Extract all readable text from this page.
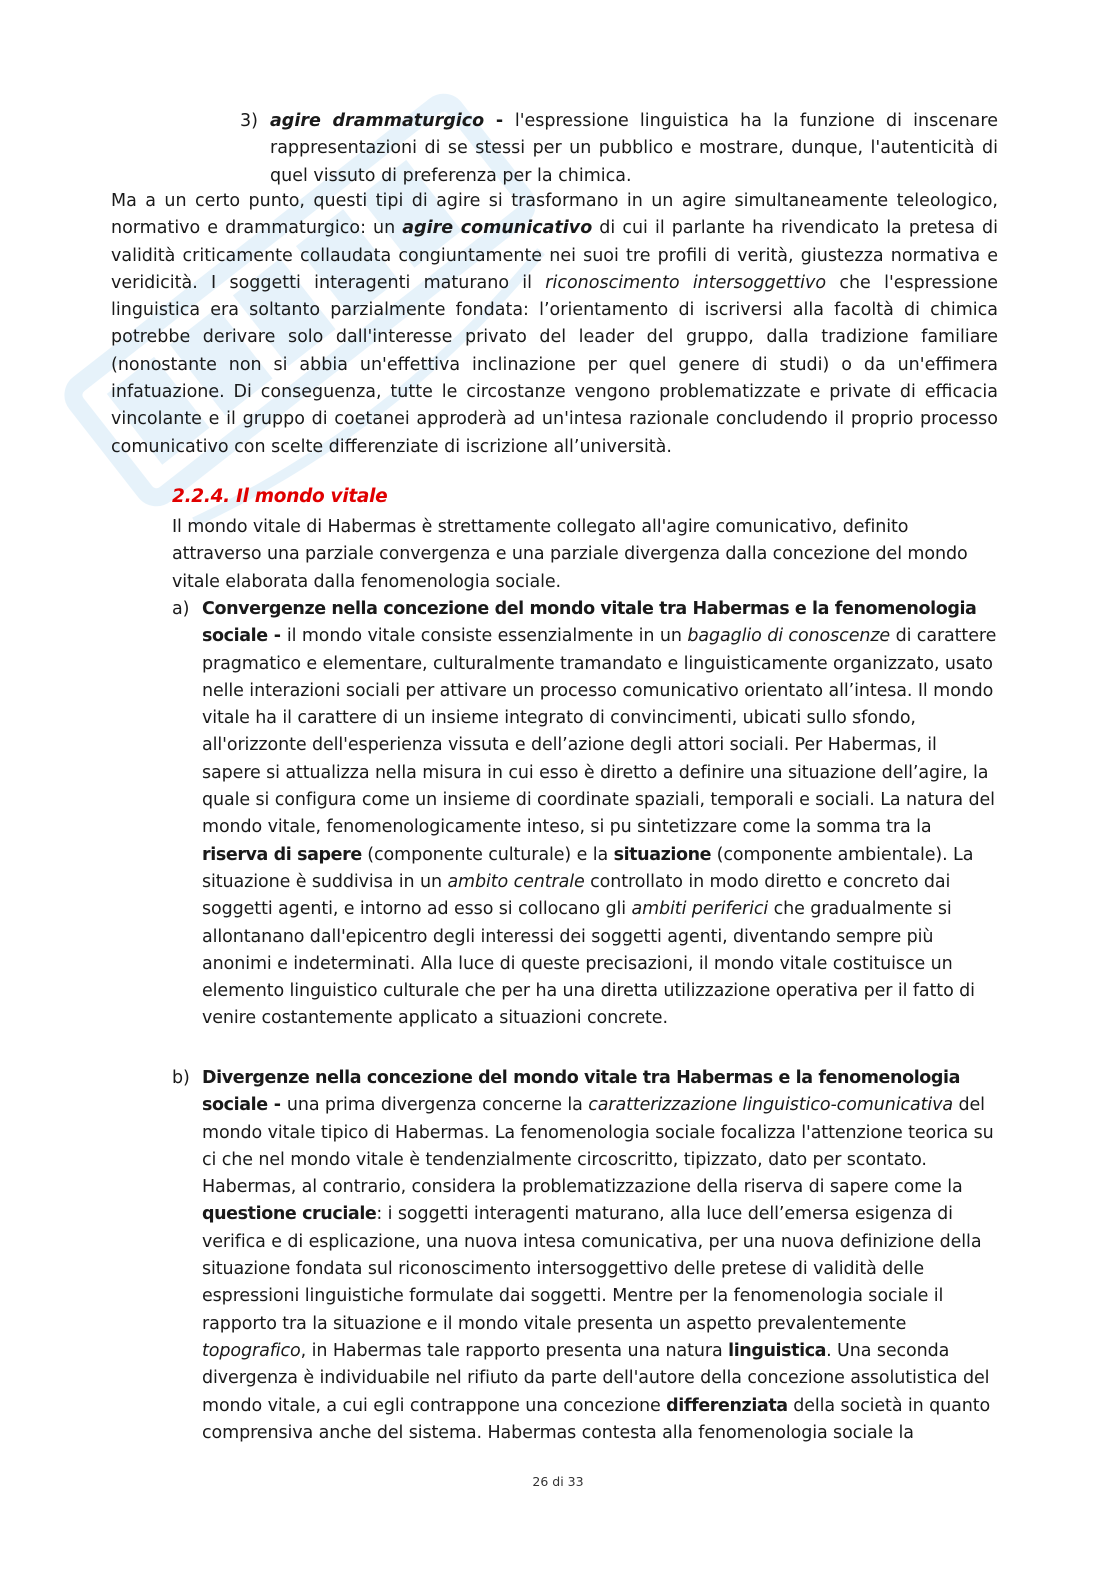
3) agire drammaturgico - l'espressione linguistica ha la funzione di inscenare rappresentazioni di se stessi per un pubblico e mostrare, dunque, l'autenticità di quel vissuto di preferenza per la chimica.

Ma a un certo punto, questi tipi di agire si trasformano in un agire simultaneamente teleologico, normativo e drammaturgico: un agire comunicativo di cui il parlante ha rivendicato la pretesa di validità criticamente collaudata congiuntamente nei suoi tre profili di verità, giustezza normativa e veridicità. I soggetti interagenti maturano il riconoscimento intersoggettivo che l'espressione linguistica era soltanto parzialmente fondata: l’orientamento di iscriversi alla facoltà di chimica potrebbe derivare solo dall'interesse privato del leader del gruppo, dalla tradizione familiare (nonostante non si abbia un'effettiva inclinazione per quel genere di studi) o da un'effimera infatuazione. Di conseguenza, tutte le circostanze vengono problematizzate e private di efficacia vincolante e il gruppo di coetanei approderà ad un'intesa razionale concludendo il proprio processo comunicativo con scelte differenziate di iscrizione all’università.

2.2.4. Il mondo vitale

Il mondo vitale di Habermas è strettamente collegato all'agire comunicativo, definito attraverso una parziale convergenza e una parziale divergenza dalla concezione del mondo vitale elaborata dalla fenomenologia sociale.

a) Convergenze nella concezione del mondo vitale tra Habermas e la fenomenologia sociale - il mondo vitale consiste essenzialmente in un bagaglio di conoscenze di carattere pragmatico e elementare, culturalmente tramandato e linguisticamente organizzato, usato nelle interazioni sociali per attivare un processo comunicativo orientato all’intesa. Il mondo vitale ha il carattere di un insieme integrato di convincimenti, ubicati sullo sfondo, all'orizzonte dell'esperienza vissuta e dell’azione degli attori sociali. Per Habermas, il sapere si attualizza nella misura in cui esso è diretto a definire una situazione dell’agire, la quale si configura come un insieme di coordinate spaziali, temporali e sociali. La natura del mondo vitale, fenomenologicamente inteso, si pu sintetizzare come la somma tra la riserva di sapere (componente culturale) e la situazione (componente ambientale). La situazione è suddivisa in un ambito centrale controllato in modo diretto e concreto dai soggetti agenti, e intorno ad esso si collocano gli ambiti periferici che gradualmente si allontanano dall'epicentro degli interessi dei soggetti agenti, diventando sempre più anonimi e indeterminati. Alla luce di queste precisazioni, il mondo vitale costituisce un elemento linguistico culturale che per ha una diretta utilizzazione operativa per il fatto di venire costantemente applicato a situazioni concrete.

b) Divergenze nella concezione del mondo vitale tra Habermas e la fenomenologia sociale - una prima divergenza concerne la caratterizzazione linguistico-comunicativa del mondo vitale tipico di Habermas. La fenomenologia sociale focalizza l'attenzione teorica su ci che nel mondo vitale è tendenzialmente circoscritto, tipizzato, dato per scontato. Habermas, al contrario, considera la problematizzazione della riserva di sapere come la questione cruciale: i soggetti interagenti maturano, alla luce dell’emersa esigenza di verifica e di esplicazione, una nuova intesa comunicativa, per una nuova definizione della situazione fondata sul riconoscimento intersoggettivo delle pretese di validità delle espressioni linguistiche formulate dai soggetti. Mentre per la fenomenologia sociale il rapporto tra la situazione e il mondo vitale presenta un aspetto prevalentemente topografico, in Habermas tale rapporto presenta una natura linguistica. Una seconda divergenza è individuabile nel rifiuto da parte dell'autore della concezione assolutistica del mondo vitale, a cui egli contrappone una concezione differenziata della società in quanto comprensiva anche del sistema. Habermas contesta alla fenomenologia sociale la

26 di 33
